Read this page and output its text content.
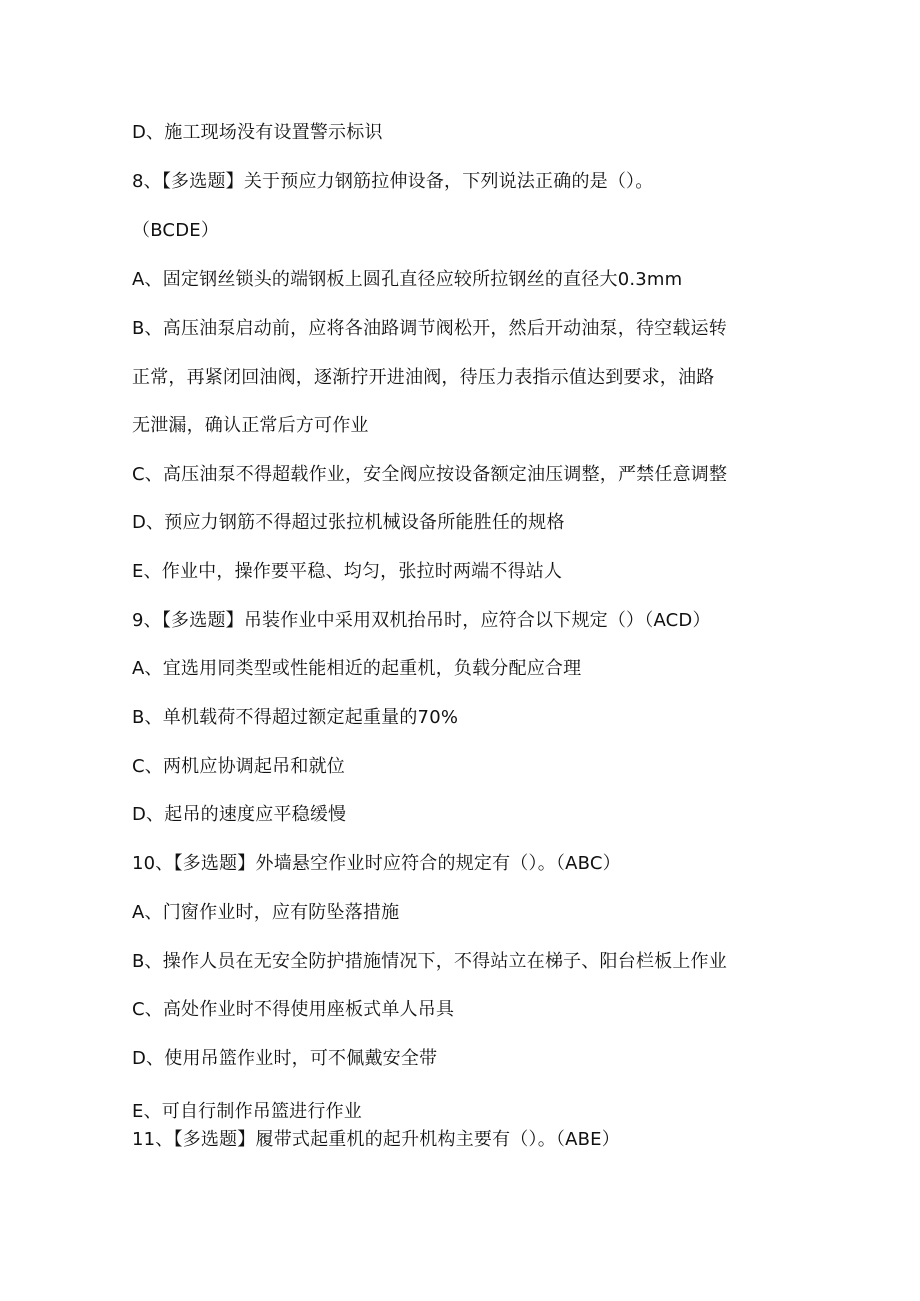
D、施工现场没有设置警示标识
8、【多选题】关于预应力钢筋拉伸设备，下列说法正确的是（）。
（BCDE）
A、固定钢丝锁头的端钢板上圆孔直径应较所拉钢丝的直径大0.3mm
B、高压油泵启动前，应将各油路调节阀松开，然后开动油泵，待空载运转
正常，再紧闭回油阀，逐渐拧开进油阀，待压力表指示值达到要求，油路
无泄漏，确认正常后方可作业
C、高压油泵不得超载作业，安全阀应按设备额定油压调整，严禁任意调整
D、预应力钢筋不得超过张拉机械设备所能胜任的规格
E、作业中，操作要平稳、均匀，张拉时两端不得站人
9、【多选题】吊装作业中采用双机抬吊时，应符合以下规定（）（ACD）
A、宜选用同类型或性能相近的起重机，负载分配应合理
B、单机载荷不得超过额定起重量的70%
C、两机应协调起吊和就位
D、起吊的速度应平稳缓慢
10、【多选题】外墙悬空作业时应符合的规定有（）。（ABC）
A、门窗作业时，应有防坠落措施
B、操作人员在无安全防护措施情况下，不得站立在梯子、阳台栏板上作业
C、高处作业时不得使用座板式单人吊具
D、使用吊篮作业时，可不佩戴安全带
E、可自行制作吊篮进行作业
11、【多选题】履带式起重机的起升机构主要有（）。（ABE）
